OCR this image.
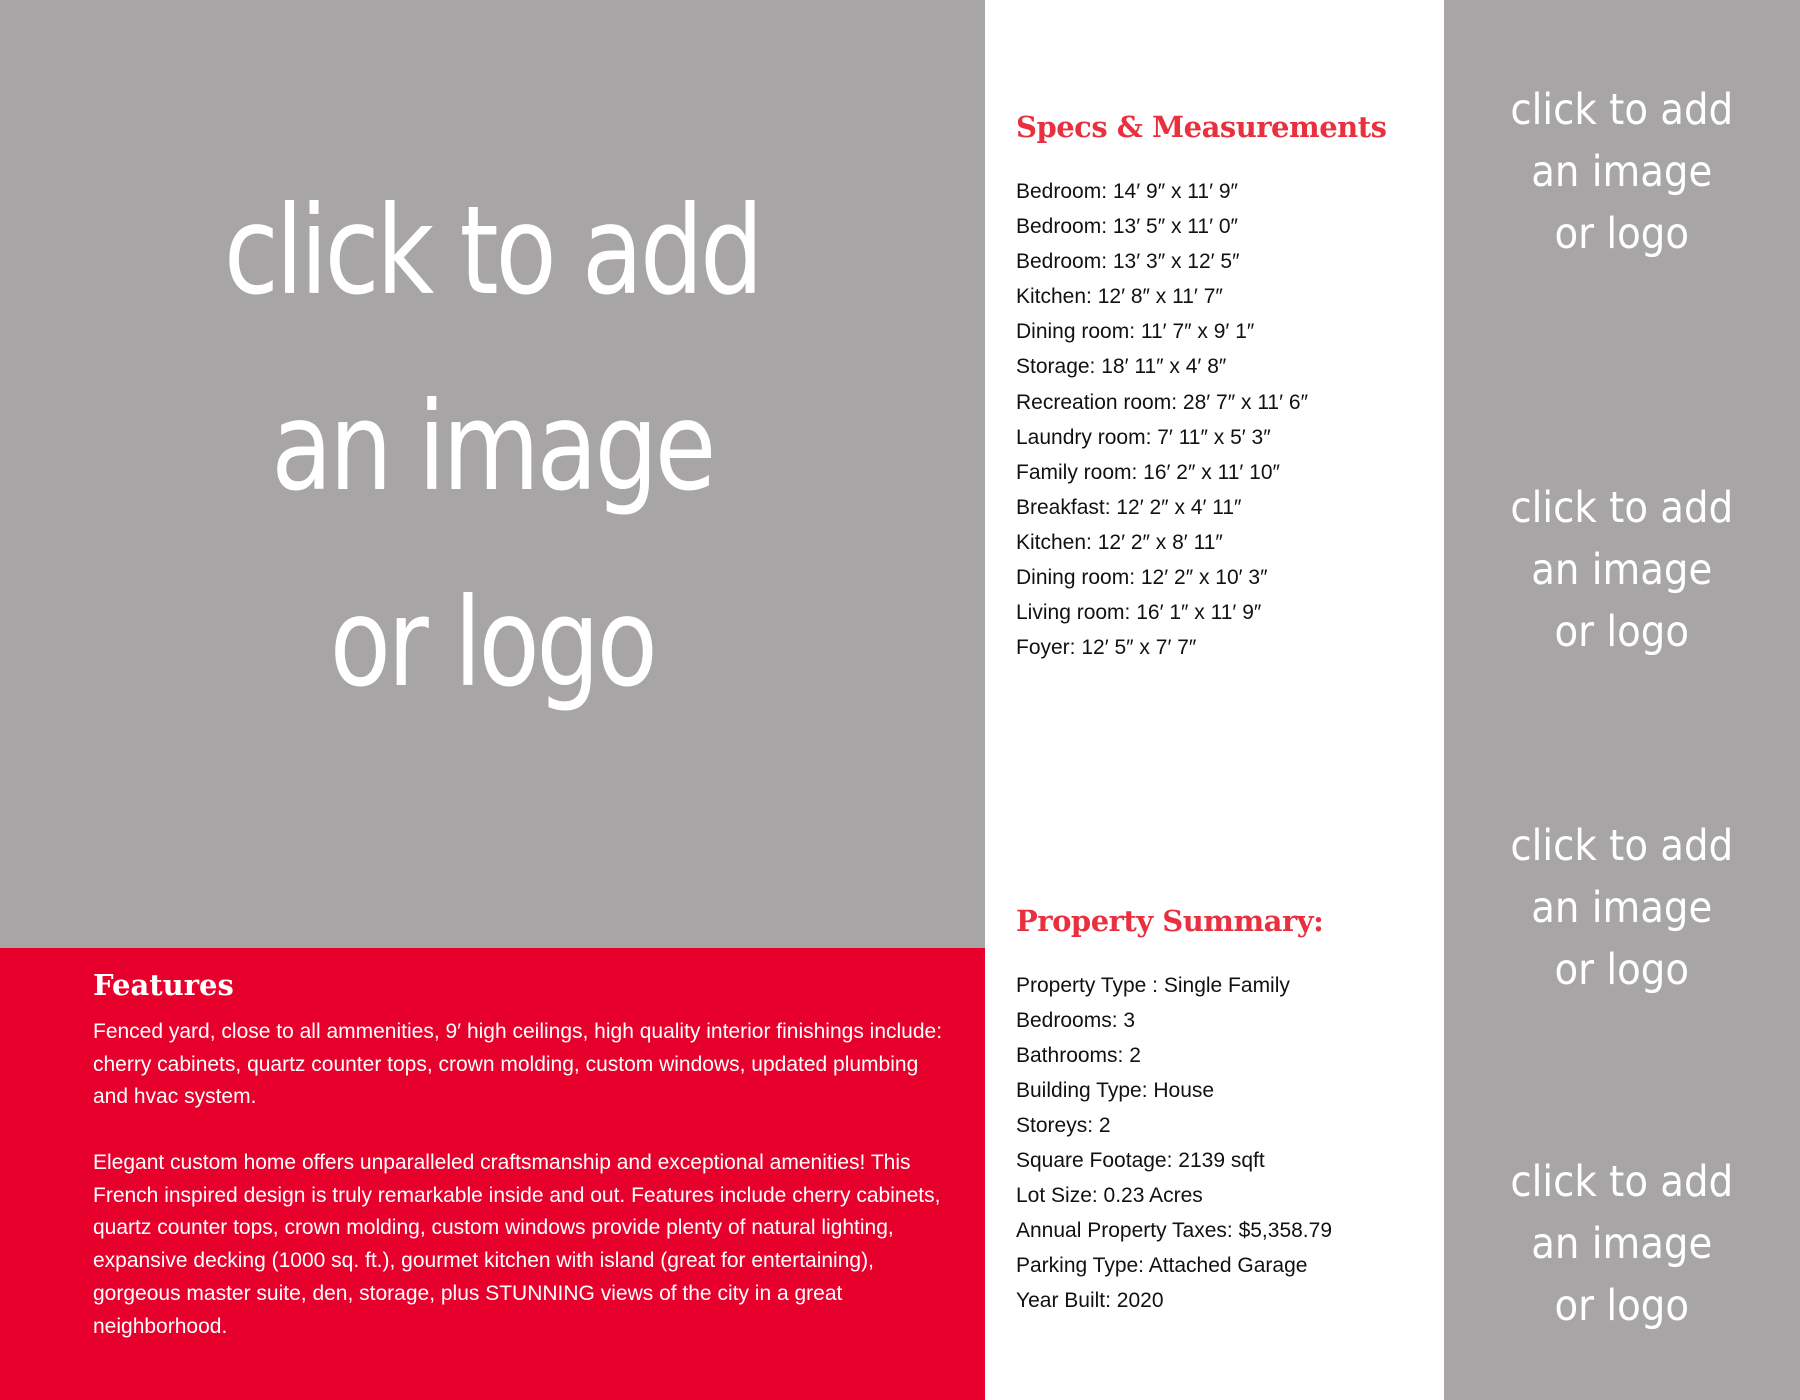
click to add
an image
or logo
click to add
an image
or logo
click to add
an image
or logo
click to add
an image
or logo
click to add
an image
or logo
Features

Fenced yard, close to all ammenities, 9′ high ceilings, high quality interior finishings include: cherry cabinets, quartz counter tops, crown molding, custom windows, updated plumbing and hvac system.

Elegant custom home offers unparalleled craftsmanship and exceptional amenities! This French inspired design is truly remarkable inside and out. Features include cherry cabinets, quartz counter tops, crown molding, custom windows provide plenty of natural lighting, expansive decking (1000 sq. ft.), gourmet kitchen with island (great for entertaining), gorgeous master suite, den, storage, plus STUNNING views of the city in a great neighborhood.

Specs & Measurements
Bedroom: 14′ 9″ x 11′ 9″
Bedroom: 13′ 5″ x 11′ 0″
Bedroom: 13′ 3″ x 12′ 5″
Kitchen: 12′ 8″ x 11′ 7″
Dining room: 11′ 7″ x 9′ 1″
Storage: 18′ 11″ x 4′ 8″
Recreation room: 28′ 7″ x 11′ 6″
Laundry room: 7′ 11″ x 5′ 3″
Family room: 16′ 2″ x 11′ 10″
Breakfast: 12′ 2″ x 4′ 11″
Kitchen: 12′ 2″ x 8′ 11″
Dining room: 12′ 2″ x 10′ 3″
Living room: 16′ 1″ x 11′ 9″
Foyer: 12′ 5″ x 7′ 7″
Property Summary:
Property Type : Single Family
Bedrooms: 3
Bathrooms: 2
Building Type: House
Storeys: 2
Square Footage: 2139 sqft
Lot Size: 0.23 Acres
Annual Property Taxes: $5,358.79
Parking Type: Attached Garage
Year Built: 2020
